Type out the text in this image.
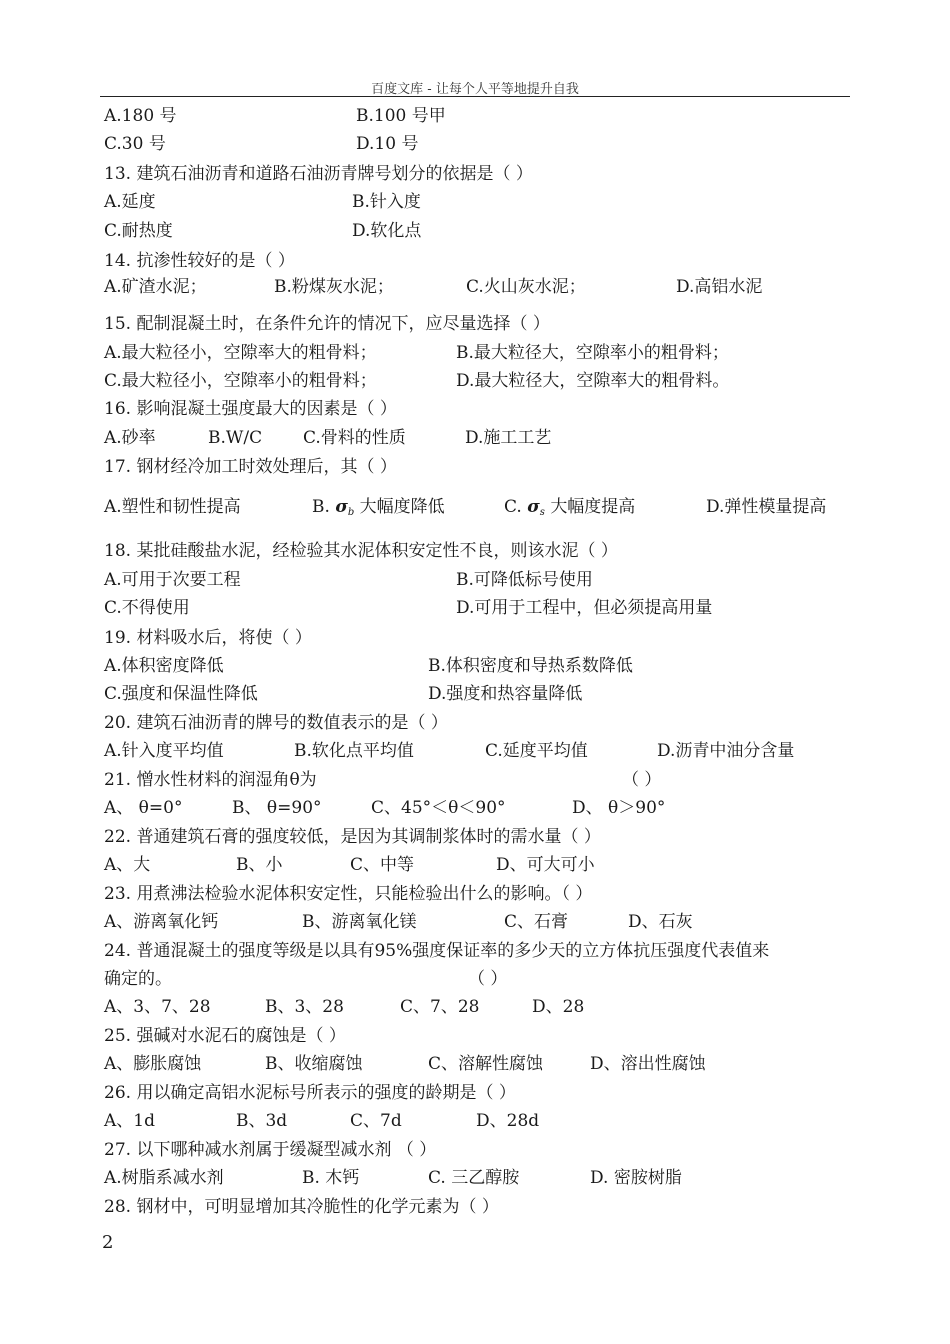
百度文库 - 让每个人平等地提升自我
A.180 号	B.100 号甲
C.30 号	D.10 号
13. 建筑石油沥青和道路石油沥青牌号划分的依据是（ ）
A.延度	B.针入度
C.耐热度	D.软化点
14. 抗渗性较好的是（ ）
A.矿渣水泥；	B.粉煤灰水泥；	C.火山灰水泥；	D.高铝水泥
15. 配制混凝土时，在条件允许的情况下，应尽量选择（ ）
A.最大粒径小，空隙率大的粗骨料；	B.最大粒径大，空隙率小的粗骨料；
C.最大粒径小，空隙率小的粗骨料；	D.最大粒径大，空隙率大的粗骨料。
16. 影响混凝土强度最大的因素是（ ）
A.砂率	B.W/C C.骨料的性质	D.施工工艺
17. 钢材经冷加工时效处理后，其（ ）
A.塑性和韧性提高	B. $\sigma_b$ 大幅度降低	C. $\sigma_s$ 大幅度提高	D.弹性模量提高
18. 某批硅酸盐水泥，经检验其水泥体积安定性不良，则该水泥（ ）
A.可用于次要工程	B.可降低标号使用
C.不得使用	D.可用于工程中，但必须提高用量
19. 材料吸水后，将使（ ）
A.体积密度降低	B.体积密度和导热系数降低
C.强度和保温性降低	D.强度和热容量降低
20. 建筑石油沥青的牌号的数值表示的是（ ）
A.针入度平均值	B.软化点平均值	C.延度平均值	D.沥青中油分含量
21. 憎水性材料的润湿角θ为	（ ）
A、 θ=0°	B、 θ=90°	C、45°＜θ＜90°	D、 θ＞90°
22. 普通建筑石膏的强度较低，是因为其调制浆体时的需水量（ ）
A、大	B、小	C、中等	D、可大可小
23. 用煮沸法检验水泥体积安定性，只能检验出什么的影响。（ ）
A、游离氧化钙	B、游离氧化镁	C、石膏	D、石灰
24. 普通混凝土的强度等级是以具有95%强度保证率的多少天的立方体抗压强度代表值来
确定的。	（ ）
A、3、7、28	B、3、28	C、7、28	D、28
25. 强碱对水泥石的腐蚀是（ ）
A、膨胀腐蚀	B、收缩腐蚀	C、溶解性腐蚀	D、溶出性腐蚀
26. 用以确定高铝水泥标号所表示的强度的龄期是（ ）
A、1d	B、3d	C、7d	D、28d
27. 以下哪种减水剂属于缓凝型减水剂 （ ）
A.树脂系减水剂	B. 木钙	C. 三乙醇胺	D. 密胺树脂
28. 钢材中，可明显增加其冷脆性的化学元素为（ ）
2
